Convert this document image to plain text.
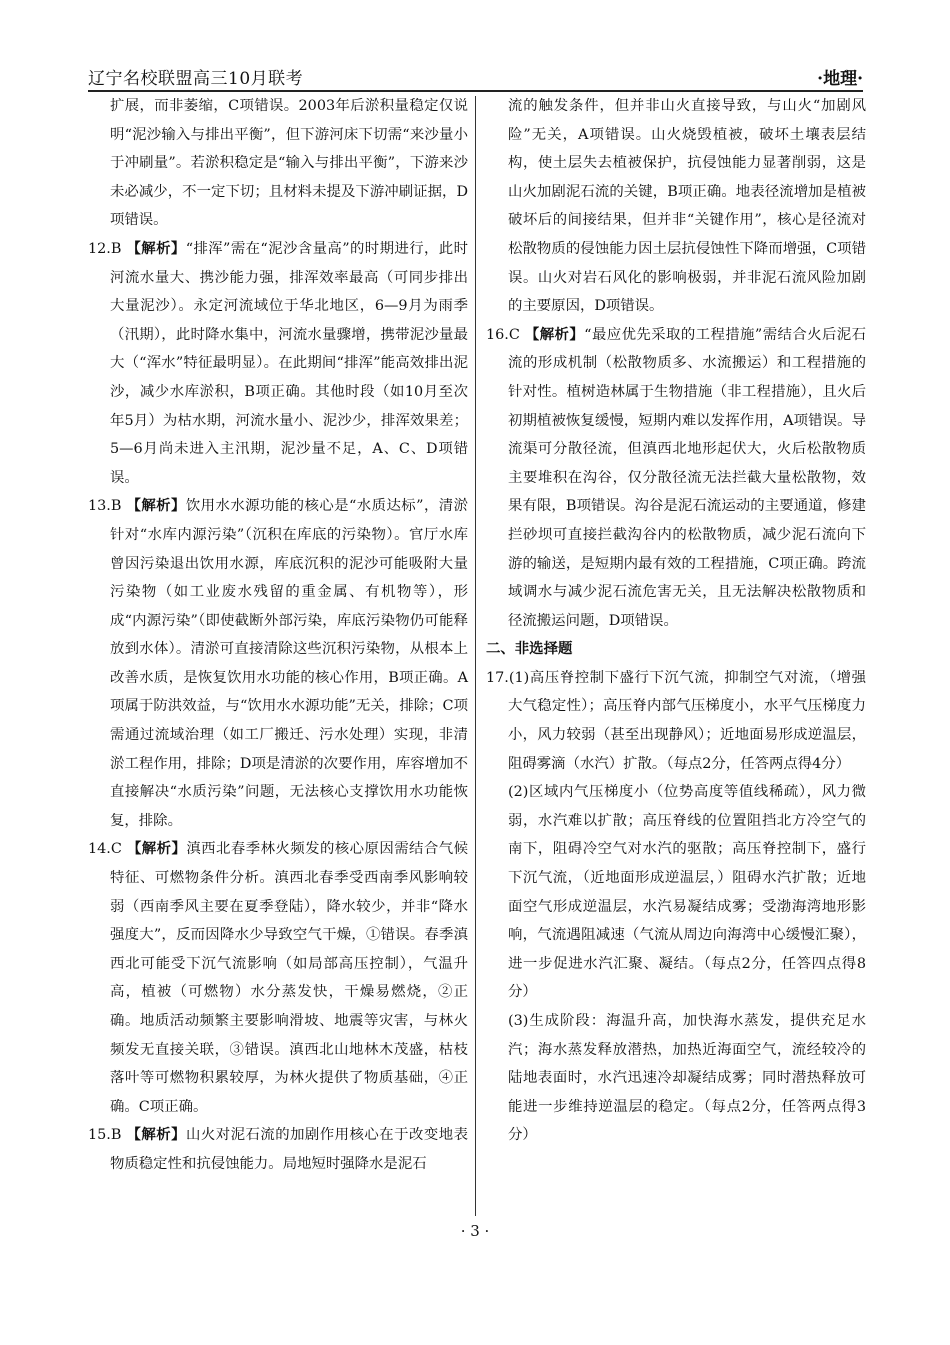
辽宁名校联盟高三10月联考	·地理·
扩展，而非萎缩，C项错误。2003年后淤积量稳定仅说明“泥沙输入与排出平衡”，但下游河床下切需“来沙量小于冲刷量”。若淤积稳定是“输入与排出平衡”，下游来沙未必减少，不一定下切；且材料未提及下游冲刷证据，D项错误。
12.B 【解析】“排浑”需在“泥沙含量高”的时期进行，此时河流水量大、携沙能力强，排浑效率最高（可同步排出大量泥沙）。永定河流域位于华北地区，6—9月为雨季（汛期），此时降水集中，河流水量骤增，携带泥沙量最大（“浑水”特征最明显）。在此期间“排浑”能高效排出泥沙，减少水库淤积，B项正确。其他时段（如10月至次年5月）为枯水期，河流水量小、泥沙少，排浑效果差；5—6月尚未进入主汛期，泥沙量不足，A、C、D项错误。
13.B 【解析】饮用水水源功能的核心是“水质达标”，清淤针对“水库内源污染”（沉积在库底的污染物）。官厅水库曾因污染退出饮用水源，库底沉积的泥沙可能吸附大量污染物（如工业废水残留的重金属、有机物等），形成“内源污染”（即使截断外部污染，库底污染物仍可能释放到水体）。清淤可直接清除这些沉积污染物，从根本上改善水质，是恢复饮用水功能的核心作用，B项正确。A项属于防洪效益，与“饮用水水源功能”无关，排除；C项需通过流域治理（如工厂搬迁、污水处理）实现，非清淤工程作用，排除；D项是清淤的次要作用，库容增加不直接解决“水质污染”问题，无法核心支撑饮用水功能恢复，排除。
14.C 【解析】滇西北春季林火频发的核心原因需结合气候特征、可燃物条件分析。滇西北春季受西南季风影响较弱（西南季风主要在夏季登陆），降水较少，并非“降水强度大”，反而因降水少导致空气干燥，①错误。春季滇西北可能受下沉气流影响（如局部高压控制），气温升高，植被（可燃物）水分蒸发快，干燥易燃烧，②正确。地质活动频繁主要影响滑坡、地震等灾害，与林火频发无直接关联，③错误。滇西北山地林木茂盛，枯枝落叶等可燃物积累较厚，为林火提供了物质基础，④正确。C项正确。
15.B 【解析】山火对泥石流的加剧作用核心在于改变地表物质稳定性和抗侵蚀能力。局地短时强降水是泥石
流的触发条件，但并非山火直接导致，与山火“加剧风险”无关，A项错误。山火烧毁植被，破坏土壤表层结构，使土层失去植被保护，抗侵蚀能力显著削弱，这是山火加剧泥石流的关键，B项正确。地表径流增加是植被破坏后的间接结果，但并非“关键作用”，核心是径流对松散物质的侵蚀能力因土层抗侵蚀性下降而增强，C项错误。山火对岩石风化的影响极弱，并非泥石流风险加剧的主要原因，D项错误。
16.C 【解析】“最应优先采取的工程措施”需结合火后泥石流的形成机制（松散物质多、水流搬运）和工程措施的针对性。植树造林属于生物措施（非工程措施），且火后初期植被恢复缓慢，短期内难以发挥作用，A项错误。导流渠可分散径流，但滇西北地形起伏大，火后松散物质主要堆积在沟谷，仅分散径流无法拦截大量松散物，效果有限，B项错误。沟谷是泥石流运动的主要通道，修建拦砂坝可直接拦截沟谷内的松散物质，减少泥石流向下游的输送，是短期内最有效的工程措施，C项正确。跨流域调水与减少泥石流危害无关，且无法解决松散物质和径流搬运问题，D项错误。
二、非选择题
17.(1)高压脊控制下盛行下沉气流，抑制空气对流，（增强大气稳定性）；高压脊内部气压梯度小，水平气压梯度力小，风力较弱（甚至出现静风）；近地面易形成逆温层，阻碍雾滴（水汽）扩散。（每点2分，任答两点得4分）
(2)区域内气压梯度小（位势高度等值线稀疏），风力微弱，水汽难以扩散；高压脊线的位置阻挡北方冷空气的南下，阻碍冷空气对水汽的驱散；高压脊控制下，盛行下沉气流，（近地面形成逆温层，）阻碍水汽扩散；近地面空气形成逆温层，水汽易凝结成雾；受渤海湾地形影响，气流遇阻减速（气流从周边向海湾中心缓慢汇聚），进一步促进水汽汇聚、凝结。（每点2分，任答四点得8分）
(3)生成阶段：海温升高，加快海水蒸发，提供充足水汽；海水蒸发释放潜热，加热近海面空气，流经较冷的陆地表面时，水汽迅速冷却凝结成雾；同时潜热释放可能进一步维持逆温层的稳定。（每点2分，任答两点得3分）
· 3 ·
